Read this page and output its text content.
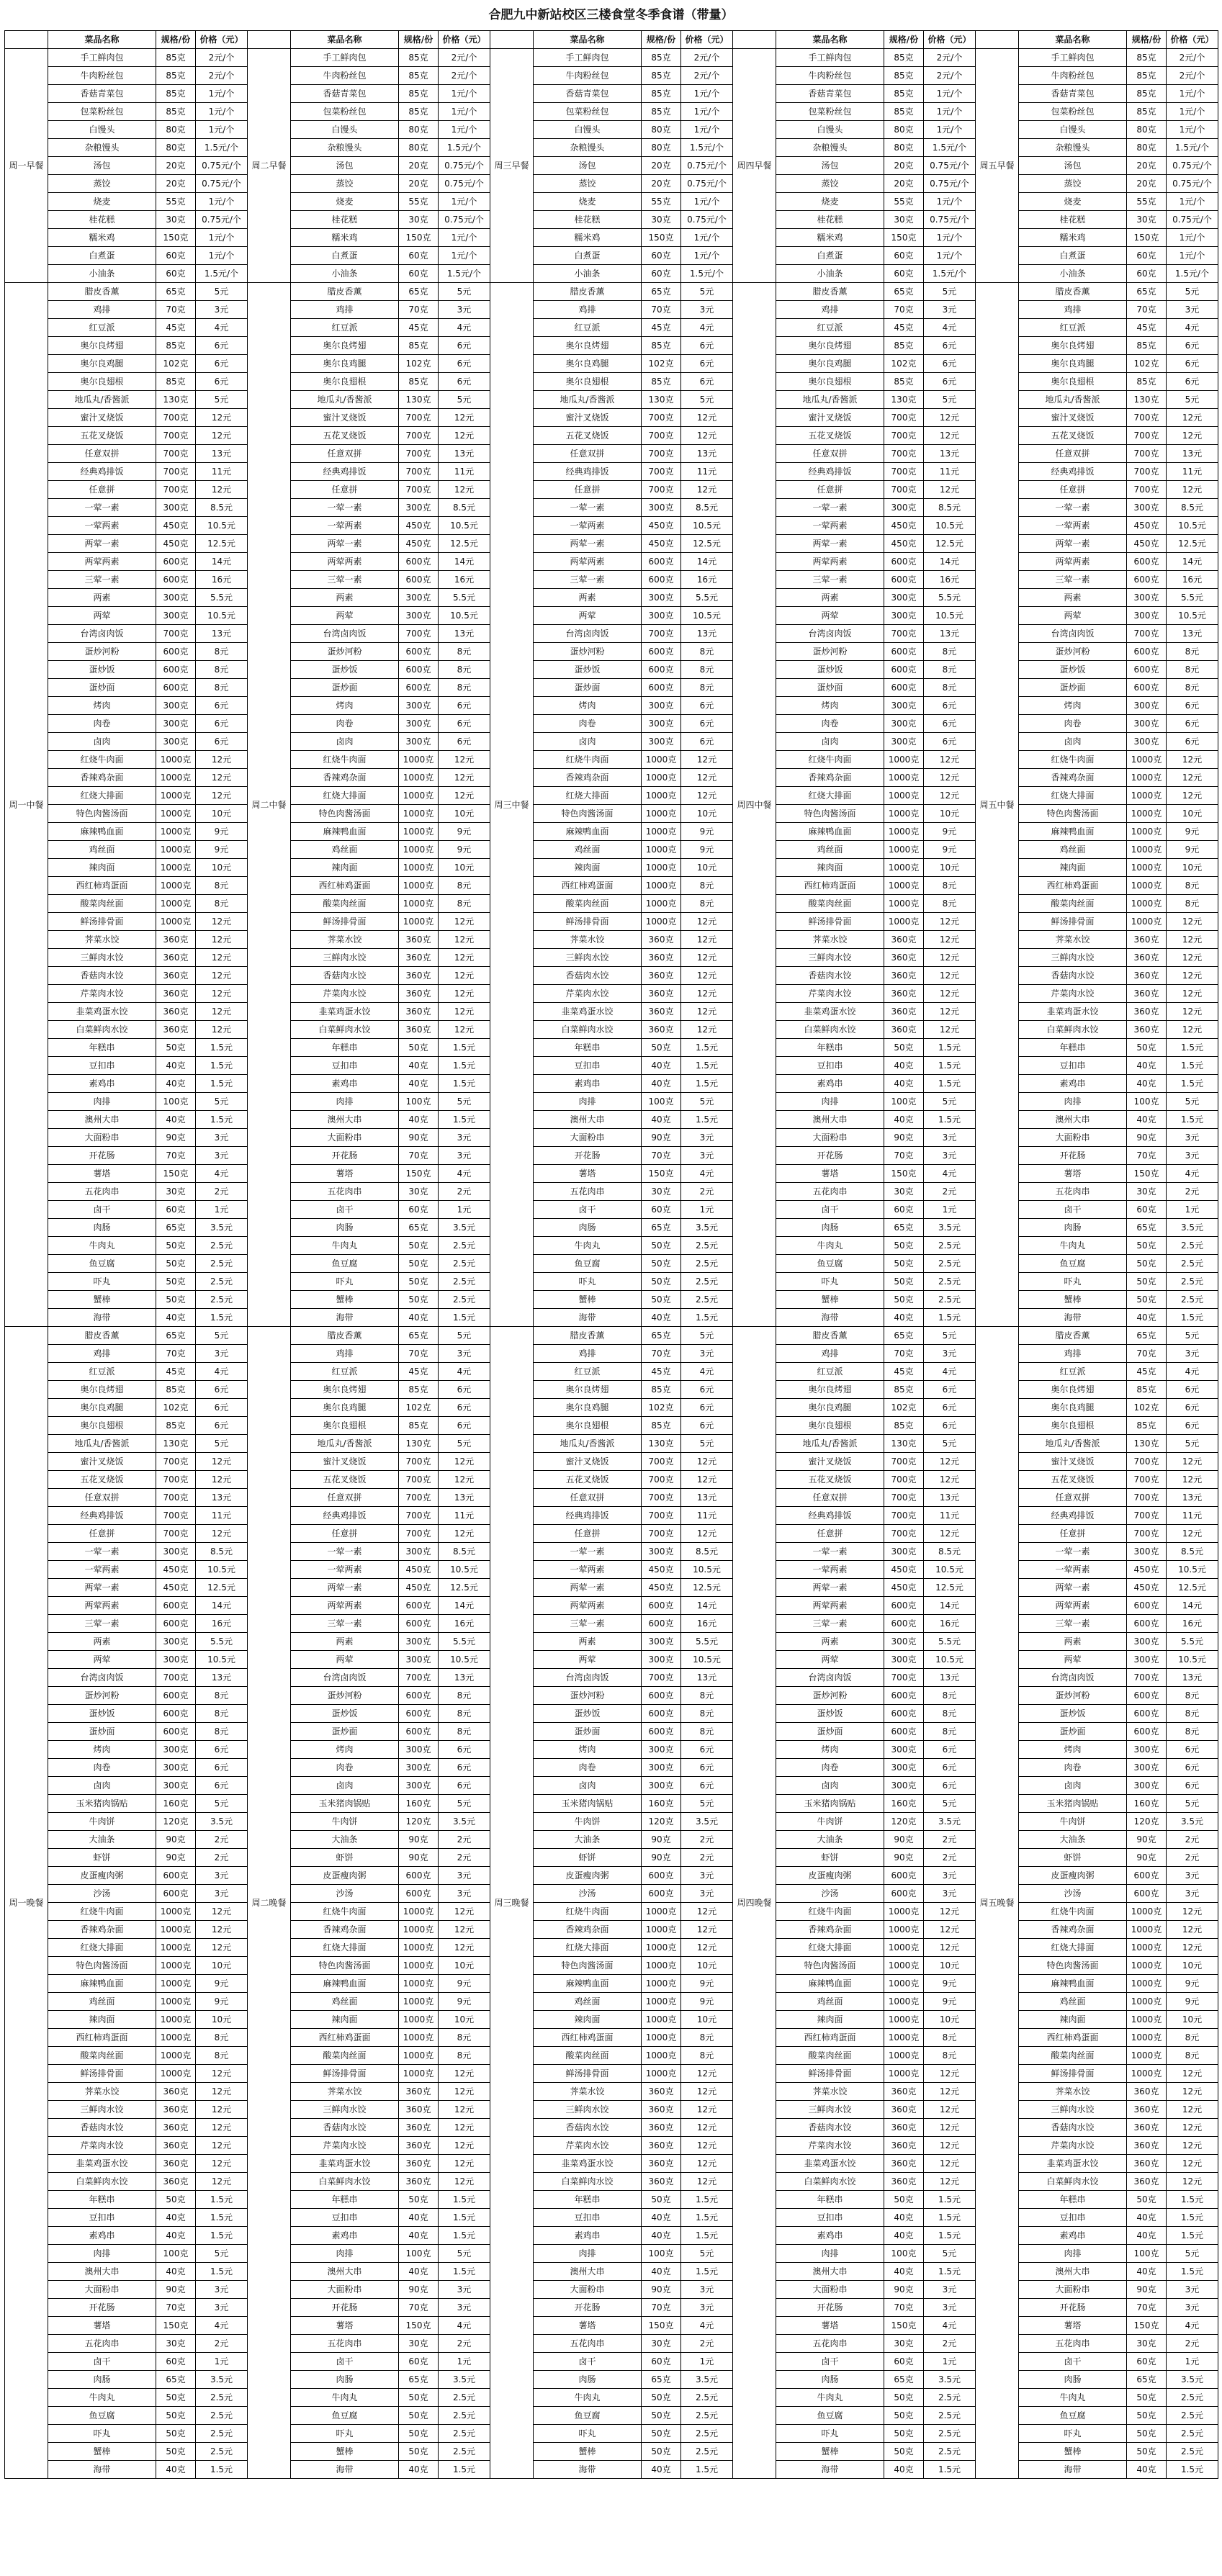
合肥九中新站校区三楼食堂冬季食谱（带量）
	菜品名称	规格/份	价格（元）		菜品名称	规格/份	价格（元）		菜品名称	规格/份	价格（元）		菜品名称	规格/份	价格（元）		菜品名称	规格/份	价格（元）
周一早餐	手工鲜肉包	85克	2元/个	周二早餐	手工鲜肉包	85克	2元/个	周三早餐	手工鲜肉包	85克	2元/个	周四早餐	手工鲜肉包	85克	2元/个	周五早餐	手工鲜肉包	85克	2元/个
	牛肉粉丝包	85克	2元/个		牛肉粉丝包	85克	2元/个		牛肉粉丝包	85克	2元/个		牛肉粉丝包	85克	2元/个		牛肉粉丝包	85克	2元/个
	香菇青菜包	85克	1元/个		香菇青菜包	85克	1元/个		香菇青菜包	85克	1元/个		香菇青菜包	85克	1元/个		香菇青菜包	85克	1元/个
	包菜粉丝包	85克	1元/个		包菜粉丝包	85克	1元/个		包菜粉丝包	85克	1元/个		包菜粉丝包	85克	1元/个		包菜粉丝包	85克	1元/个
	白馒头	80克	1元/个		白馒头	80克	1元/个		白馒头	80克	1元/个		白馒头	80克	1元/个		白馒头	80克	1元/个
	杂粮馒头	80克	1.5元/个		杂粮馒头	80克	1.5元/个		杂粮馒头	80克	1.5元/个		杂粮馒头	80克	1.5元/个		杂粮馒头	80克	1.5元/个
	汤包	20克	0.75元/个		汤包	20克	0.75元/个		汤包	20克	0.75元/个		汤包	20克	0.75元/个		汤包	20克	0.75元/个
	蒸饺	20克	0.75元/个		蒸饺	20克	0.75元/个		蒸饺	20克	0.75元/个		蒸饺	20克	0.75元/个		蒸饺	20克	0.75元/个
	烧麦	55克	1元/个		烧麦	55克	1元/个		烧麦	55克	1元/个		烧麦	55克	1元/个		烧麦	55克	1元/个
	桂花糕	30克	0.75元/个		桂花糕	30克	0.75元/个		桂花糕	30克	0.75元/个		桂花糕	30克	0.75元/个		桂花糕	30克	0.75元/个
	糯米鸡	150克	1元/个		糯米鸡	150克	1元/个		糯米鸡	150克	1元/个		糯米鸡	150克	1元/个		糯米鸡	150克	1元/个
	白煮蛋	60克	1元/个		白煮蛋	60克	1元/个		白煮蛋	60克	1元/个		白煮蛋	60克	1元/个		白煮蛋	60克	1元/个
	小油条	60克	1.5元/个		小油条	60克	1.5元/个		小油条	60克	1.5元/个		小油条	60克	1.5元/个		小油条	60克	1.5元/个
周一中餐	腊皮香薰	65克	5元	周二中餐	腊皮香薰	65克	5元	周三中餐	腊皮香薰	65克	5元	周四中餐	腊皮香薰	65克	5元	周五中餐	腊皮香薰	65克	5元
	鸡排	70克	3元		鸡排	70克	3元		鸡排	70克	3元		鸡排	70克	3元		鸡排	70克	3元
	红豆派	45克	4元		红豆派	45克	4元		红豆派	45克	4元		红豆派	45克	4元		红豆派	45克	4元
	奥尔良烤翅	85克	6元		奥尔良烤翅	85克	6元		奥尔良烤翅	85克	6元		奥尔良烤翅	85克	6元		奥尔良烤翅	85克	6元
	奥尔良鸡腿	102克	6元		奥尔良鸡腿	102克	6元		奥尔良鸡腿	102克	6元		奥尔良鸡腿	102克	6元		奥尔良鸡腿	102克	6元
	奥尔良翅根	85克	6元		奥尔良翅根	85克	6元		奥尔良翅根	85克	6元		奥尔良翅根	85克	6元		奥尔良翅根	85克	6元
	地瓜丸/香酱派	130克	5元		地瓜丸/香酱派	130克	5元		地瓜丸/香酱派	130克	5元		地瓜丸/香酱派	130克	5元		地瓜丸/香酱派	130克	5元
	蜜汁叉烧饭	700克	12元		蜜汁叉烧饭	700克	12元		蜜汁叉烧饭	700克	12元		蜜汁叉烧饭	700克	12元		蜜汁叉烧饭	700克	12元
	五花叉烧饭	700克	12元		五花叉烧饭	700克	12元		五花叉烧饭	700克	12元		五花叉烧饭	700克	12元		五花叉烧饭	700克	12元
	任意双拼	700克	13元		任意双拼	700克	13元		任意双拼	700克	13元		任意双拼	700克	13元		任意双拼	700克	13元
	经典鸡排饭	700克	11元		经典鸡排饭	700克	11元		经典鸡排饭	700克	11元		经典鸡排饭	700克	11元		经典鸡排饭	700克	11元
	任意拼	700克	12元		任意拼	700克	12元		任意拼	700克	12元		任意拼	700克	12元		任意拼	700克	12元
	一荤一素	300克	8.5元		一荤一素	300克	8.5元		一荤一素	300克	8.5元		一荤一素	300克	8.5元		一荤一素	300克	8.5元
	一荤两素	450克	10.5元		一荤两素	450克	10.5元		一荤两素	450克	10.5元		一荤两素	450克	10.5元		一荤两素	450克	10.5元
	两荤一素	450克	12.5元		两荤一素	450克	12.5元		两荤一素	450克	12.5元		两荤一素	450克	12.5元		两荤一素	450克	12.5元
	两荤两素	600克	14元		两荤两素	600克	14元		两荤两素	600克	14元		两荤两素	600克	14元		两荤两素	600克	14元
	三荤一素	600克	16元		三荤一素	600克	16元		三荤一素	600克	16元		三荤一素	600克	16元		三荤一素	600克	16元
	两素	300克	5.5元		两素	300克	5.5元		两素	300克	5.5元		两素	300克	5.5元		两素	300克	5.5元
	两荤	300克	10.5元		两荤	300克	10.5元		两荤	300克	10.5元		两荤	300克	10.5元		两荤	300克	10.5元
	台湾卤肉饭	700克	13元		台湾卤肉饭	700克	13元		台湾卤肉饭	700克	13元		台湾卤肉饭	700克	13元		台湾卤肉饭	700克	13元
	蛋炒河粉	600克	8元		蛋炒河粉	600克	8元		蛋炒河粉	600克	8元		蛋炒河粉	600克	8元		蛋炒河粉	600克	8元
	蛋炒饭	600克	8元		蛋炒饭	600克	8元		蛋炒饭	600克	8元		蛋炒饭	600克	8元		蛋炒饭	600克	8元
	蛋炒面	600克	8元		蛋炒面	600克	8元		蛋炒面	600克	8元		蛋炒面	600克	8元		蛋炒面	600克	8元
	烤肉	300克	6元		烤肉	300克	6元		烤肉	300克	6元		烤肉	300克	6元		烤肉	300克	6元
	肉卷	300克	6元		肉卷	300克	6元		肉卷	300克	6元		肉卷	300克	6元		肉卷	300克	6元
	卤肉	300克	6元		卤肉	300克	6元		卤肉	300克	6元		卤肉	300克	6元		卤肉	300克	6元
	红烧牛肉面	1000克	12元		红烧牛肉面	1000克	12元		红烧牛肉面	1000克	12元		红烧牛肉面	1000克	12元		红烧牛肉面	1000克	12元
	香辣鸡杂面	1000克	12元		香辣鸡杂面	1000克	12元		香辣鸡杂面	1000克	12元		香辣鸡杂面	1000克	12元		香辣鸡杂面	1000克	12元
	红烧大排面	1000克	12元		红烧大排面	1000克	12元		红烧大排面	1000克	12元		红烧大排面	1000克	12元		红烧大排面	1000克	12元
	特色肉酱汤面	1000克	10元		特色肉酱汤面	1000克	10元		特色肉酱汤面	1000克	10元		特色肉酱汤面	1000克	10元		特色肉酱汤面	1000克	10元
	麻辣鸭血面	1000克	9元		麻辣鸭血面	1000克	9元		麻辣鸭血面	1000克	9元		麻辣鸭血面	1000克	9元		麻辣鸭血面	1000克	9元
	鸡丝面	1000克	9元		鸡丝面	1000克	9元		鸡丝面	1000克	9元		鸡丝面	1000克	9元		鸡丝面	1000克	9元
	辣肉面	1000克	10元		辣肉面	1000克	10元		辣肉面	1000克	10元		辣肉面	1000克	10元		辣肉面	1000克	10元
	西红柿鸡蛋面	1000克	8元		西红柿鸡蛋面	1000克	8元		西红柿鸡蛋面	1000克	8元		西红柿鸡蛋面	1000克	8元		西红柿鸡蛋面	1000克	8元
	酸菜肉丝面	1000克	8元		酸菜肉丝面	1000克	8元		酸菜肉丝面	1000克	8元		酸菜肉丝面	1000克	8元		酸菜肉丝面	1000克	8元
	鲜汤排骨面	1000克	12元		鲜汤排骨面	1000克	12元		鲜汤排骨面	1000克	12元		鲜汤排骨面	1000克	12元		鲜汤排骨面	1000克	12元
	荠菜水饺	360克	12元		荠菜水饺	360克	12元		荠菜水饺	360克	12元		荠菜水饺	360克	12元		荠菜水饺	360克	12元
	三鲜肉水饺	360克	12元		三鲜肉水饺	360克	12元		三鲜肉水饺	360克	12元		三鲜肉水饺	360克	12元		三鲜肉水饺	360克	12元
	香菇肉水饺	360克	12元		香菇肉水饺	360克	12元		香菇肉水饺	360克	12元		香菇肉水饺	360克	12元		香菇肉水饺	360克	12元
	芹菜肉水饺	360克	12元		芹菜肉水饺	360克	12元		芹菜肉水饺	360克	12元		芹菜肉水饺	360克	12元		芹菜肉水饺	360克	12元
	韭菜鸡蛋水饺	360克	12元		韭菜鸡蛋水饺	360克	12元		韭菜鸡蛋水饺	360克	12元		韭菜鸡蛋水饺	360克	12元		韭菜鸡蛋水饺	360克	12元
	白菜鲜肉水饺	360克	12元		白菜鲜肉水饺	360克	12元		白菜鲜肉水饺	360克	12元		白菜鲜肉水饺	360克	12元		白菜鲜肉水饺	360克	12元
	年糕串	50克	1.5元		年糕串	50克	1.5元		年糕串	50克	1.5元		年糕串	50克	1.5元		年糕串	50克	1.5元
	豆扣串	40克	1.5元		豆扣串	40克	1.5元		豆扣串	40克	1.5元		豆扣串	40克	1.5元		豆扣串	40克	1.5元
	素鸡串	40克	1.5元		素鸡串	40克	1.5元		素鸡串	40克	1.5元		素鸡串	40克	1.5元		素鸡串	40克	1.5元
	肉排	100克	5元		肉排	100克	5元		肉排	100克	5元		肉排	100克	5元		肉排	100克	5元
	澳州大串	40克	1.5元		澳州大串	40克	1.5元		澳州大串	40克	1.5元		澳州大串	40克	1.5元		澳州大串	40克	1.5元
	大面粉串	90克	3元		大面粉串	90克	3元		大面粉串	90克	3元		大面粉串	90克	3元		大面粉串	90克	3元
	开花肠	70克	3元		开花肠	70克	3元		开花肠	70克	3元		开花肠	70克	3元		开花肠	70克	3元
	薯塔	150克	4元		薯塔	150克	4元		薯塔	150克	4元		薯塔	150克	4元		薯塔	150克	4元
	五花肉串	30克	2元		五花肉串	30克	2元		五花肉串	30克	2元		五花肉串	30克	2元		五花肉串	30克	2元
	卤干	60克	1元		卤干	60克	1元		卤干	60克	1元		卤干	60克	1元		卤干	60克	1元
	肉肠	65克	3.5元		肉肠	65克	3.5元		肉肠	65克	3.5元		肉肠	65克	3.5元		肉肠	65克	3.5元
	牛肉丸	50克	2.5元		牛肉丸	50克	2.5元		牛肉丸	50克	2.5元		牛肉丸	50克	2.5元		牛肉丸	50克	2.5元
	鱼豆腐	50克	2.5元		鱼豆腐	50克	2.5元		鱼豆腐	50克	2.5元		鱼豆腐	50克	2.5元		鱼豆腐	50克	2.5元
	吓丸	50克	2.5元		吓丸	50克	2.5元		吓丸	50克	2.5元		吓丸	50克	2.5元		吓丸	50克	2.5元
	蟹棒	50克	2.5元		蟹棒	50克	2.5元		蟹棒	50克	2.5元		蟹棒	50克	2.5元		蟹棒	50克	2.5元
	海带	40克	1.5元		海带	40克	1.5元		海带	40克	1.5元		海带	40克	1.5元		海带	40克	1.5元
周一晚餐	腊皮香薰	65克	5元	周二晚餐	腊皮香薰	65克	5元	周三晚餐	腊皮香薰	65克	5元	周四晚餐	腊皮香薰	65克	5元	周五晚餐	腊皮香薰	65克	5元
	鸡排	70克	3元		鸡排	70克	3元		鸡排	70克	3元		鸡排	70克	3元		鸡排	70克	3元
	红豆派	45克	4元		红豆派	45克	4元		红豆派	45克	4元		红豆派	45克	4元		红豆派	45克	4元
	奥尔良烤翅	85克	6元		奥尔良烤翅	85克	6元		奥尔良烤翅	85克	6元		奥尔良烤翅	85克	6元		奥尔良烤翅	85克	6元
	奥尔良鸡腿	102克	6元		奥尔良鸡腿	102克	6元		奥尔良鸡腿	102克	6元		奥尔良鸡腿	102克	6元		奥尔良鸡腿	102克	6元
	奥尔良翅根	85克	6元		奥尔良翅根	85克	6元		奥尔良翅根	85克	6元		奥尔良翅根	85克	6元		奥尔良翅根	85克	6元
	地瓜丸/香酱派	130克	5元		地瓜丸/香酱派	130克	5元		地瓜丸/香酱派	130克	5元		地瓜丸/香酱派	130克	5元		地瓜丸/香酱派	130克	5元
	蜜汁叉烧饭	700克	12元		蜜汁叉烧饭	700克	12元		蜜汁叉烧饭	700克	12元		蜜汁叉烧饭	700克	12元		蜜汁叉烧饭	700克	12元
	五花叉烧饭	700克	12元		五花叉烧饭	700克	12元		五花叉烧饭	700克	12元		五花叉烧饭	700克	12元		五花叉烧饭	700克	12元
	任意双拼	700克	13元		任意双拼	700克	13元		任意双拼	700克	13元		任意双拼	700克	13元		任意双拼	700克	13元
	经典鸡排饭	700克	11元		经典鸡排饭	700克	11元		经典鸡排饭	700克	11元		经典鸡排饭	700克	11元		经典鸡排饭	700克	11元
	任意拼	700克	12元		任意拼	700克	12元		任意拼	700克	12元		任意拼	700克	12元		任意拼	700克	12元
	一荤一素	300克	8.5元		一荤一素	300克	8.5元		一荤一素	300克	8.5元		一荤一素	300克	8.5元		一荤一素	300克	8.5元
	一荤两素	450克	10.5元		一荤两素	450克	10.5元		一荤两素	450克	10.5元		一荤两素	450克	10.5元		一荤两素	450克	10.5元
	两荤一素	450克	12.5元		两荤一素	450克	12.5元		两荤一素	450克	12.5元		两荤一素	450克	12.5元		两荤一素	450克	12.5元
	两荤两素	600克	14元		两荤两素	600克	14元		两荤两素	600克	14元		两荤两素	600克	14元		两荤两素	600克	14元
	三荤一素	600克	16元		三荤一素	600克	16元		三荤一素	600克	16元		三荤一素	600克	16元		三荤一素	600克	16元
	两素	300克	5.5元		两素	300克	5.5元		两素	300克	5.5元		两素	300克	5.5元		两素	300克	5.5元
	两荤	300克	10.5元		两荤	300克	10.5元		两荤	300克	10.5元		两荤	300克	10.5元		两荤	300克	10.5元
	台湾卤肉饭	700克	13元		台湾卤肉饭	700克	13元		台湾卤肉饭	700克	13元		台湾卤肉饭	700克	13元		台湾卤肉饭	700克	13元
	蛋炒河粉	600克	8元		蛋炒河粉	600克	8元		蛋炒河粉	600克	8元		蛋炒河粉	600克	8元		蛋炒河粉	600克	8元
	蛋炒饭	600克	8元		蛋炒饭	600克	8元		蛋炒饭	600克	8元		蛋炒饭	600克	8元		蛋炒饭	600克	8元
	蛋炒面	600克	8元		蛋炒面	600克	8元		蛋炒面	600克	8元		蛋炒面	600克	8元		蛋炒面	600克	8元
	烤肉	300克	6元		烤肉	300克	6元		烤肉	300克	6元		烤肉	300克	6元		烤肉	300克	6元
	肉卷	300克	6元		肉卷	300克	6元		肉卷	300克	6元		肉卷	300克	6元		肉卷	300克	6元
	卤肉	300克	6元		卤肉	300克	6元		卤肉	300克	6元		卤肉	300克	6元		卤肉	300克	6元
	玉米猪肉锅贴	160克	5元		玉米猪肉锅贴	160克	5元		玉米猪肉锅贴	160克	5元		玉米猪肉锅贴	160克	5元		玉米猪肉锅贴	160克	5元
	牛肉饼	120克	3.5元		牛肉饼	120克	3.5元		牛肉饼	120克	3.5元		牛肉饼	120克	3.5元		牛肉饼	120克	3.5元
	大油条	90克	2元		大油条	90克	2元		大油条	90克	2元		大油条	90克	2元		大油条	90克	2元
	虾饼	90克	2元		虾饼	90克	2元		虾饼	90克	2元		虾饼	90克	2元		虾饼	90克	2元
	皮蛋瘦肉粥	600克	3元		皮蛋瘦肉粥	600克	3元		皮蛋瘦肉粥	600克	3元		皮蛋瘦肉粥	600克	3元		皮蛋瘦肉粥	600克	3元
	沙汤	600克	3元		沙汤	600克	3元		沙汤	600克	3元		沙汤	600克	3元		沙汤	600克	3元
	红烧牛肉面	1000克	12元		红烧牛肉面	1000克	12元		红烧牛肉面	1000克	12元		红烧牛肉面	1000克	12元		红烧牛肉面	1000克	12元
	香辣鸡杂面	1000克	12元		香辣鸡杂面	1000克	12元		香辣鸡杂面	1000克	12元		香辣鸡杂面	1000克	12元		香辣鸡杂面	1000克	12元
	红烧大排面	1000克	12元		红烧大排面	1000克	12元		红烧大排面	1000克	12元		红烧大排面	1000克	12元		红烧大排面	1000克	12元
	特色肉酱汤面	1000克	10元		特色肉酱汤面	1000克	10元		特色肉酱汤面	1000克	10元		特色肉酱汤面	1000克	10元		特色肉酱汤面	1000克	10元
	麻辣鸭血面	1000克	9元		麻辣鸭血面	1000克	9元		麻辣鸭血面	1000克	9元		麻辣鸭血面	1000克	9元		麻辣鸭血面	1000克	9元
	鸡丝面	1000克	9元		鸡丝面	1000克	9元		鸡丝面	1000克	9元		鸡丝面	1000克	9元		鸡丝面	1000克	9元
	辣肉面	1000克	10元		辣肉面	1000克	10元		辣肉面	1000克	10元		辣肉面	1000克	10元		辣肉面	1000克	10元
	西红柿鸡蛋面	1000克	8元		西红柿鸡蛋面	1000克	8元		西红柿鸡蛋面	1000克	8元		西红柿鸡蛋面	1000克	8元		西红柿鸡蛋面	1000克	8元
	酸菜肉丝面	1000克	8元		酸菜肉丝面	1000克	8元		酸菜肉丝面	1000克	8元		酸菜肉丝面	1000克	8元		酸菜肉丝面	1000克	8元
	鲜汤排骨面	1000克	12元		鲜汤排骨面	1000克	12元		鲜汤排骨面	1000克	12元		鲜汤排骨面	1000克	12元		鲜汤排骨面	1000克	12元
	荠菜水饺	360克	12元		荠菜水饺	360克	12元		荠菜水饺	360克	12元		荠菜水饺	360克	12元		荠菜水饺	360克	12元
	三鲜肉水饺	360克	12元		三鲜肉水饺	360克	12元		三鲜肉水饺	360克	12元		三鲜肉水饺	360克	12元		三鲜肉水饺	360克	12元
	香菇肉水饺	360克	12元		香菇肉水饺	360克	12元		香菇肉水饺	360克	12元		香菇肉水饺	360克	12元		香菇肉水饺	360克	12元
	芹菜肉水饺	360克	12元		芹菜肉水饺	360克	12元		芹菜肉水饺	360克	12元		芹菜肉水饺	360克	12元		芹菜肉水饺	360克	12元
	韭菜鸡蛋水饺	360克	12元		韭菜鸡蛋水饺	360克	12元		韭菜鸡蛋水饺	360克	12元		韭菜鸡蛋水饺	360克	12元		韭菜鸡蛋水饺	360克	12元
	白菜鲜肉水饺	360克	12元		白菜鲜肉水饺	360克	12元		白菜鲜肉水饺	360克	12元		白菜鲜肉水饺	360克	12元		白菜鲜肉水饺	360克	12元
	年糕串	50克	1.5元		年糕串	50克	1.5元		年糕串	50克	1.5元		年糕串	50克	1.5元		年糕串	50克	1.5元
	豆扣串	40克	1.5元		豆扣串	40克	1.5元		豆扣串	40克	1.5元		豆扣串	40克	1.5元		豆扣串	40克	1.5元
	素鸡串	40克	1.5元		素鸡串	40克	1.5元		素鸡串	40克	1.5元		素鸡串	40克	1.5元		素鸡串	40克	1.5元
	肉排	100克	5元		肉排	100克	5元		肉排	100克	5元		肉排	100克	5元		肉排	100克	5元
	澳州大串	40克	1.5元		澳州大串	40克	1.5元		澳州大串	40克	1.5元		澳州大串	40克	1.5元		澳州大串	40克	1.5元
	大面粉串	90克	3元		大面粉串	90克	3元		大面粉串	90克	3元		大面粉串	90克	3元		大面粉串	90克	3元
	开花肠	70克	3元		开花肠	70克	3元		开花肠	70克	3元		开花肠	70克	3元		开花肠	70克	3元
	薯塔	150克	4元		薯塔	150克	4元		薯塔	150克	4元		薯塔	150克	4元		薯塔	150克	4元
	五花肉串	30克	2元		五花肉串	30克	2元		五花肉串	30克	2元		五花肉串	30克	2元		五花肉串	30克	2元
	卤干	60克	1元		卤干	60克	1元		卤干	60克	1元		卤干	60克	1元		卤干	60克	1元
	肉肠	65克	3.5元		肉肠	65克	3.5元		肉肠	65克	3.5元		肉肠	65克	3.5元		肉肠	65克	3.5元
	牛肉丸	50克	2.5元		牛肉丸	50克	2.5元		牛肉丸	50克	2.5元		牛肉丸	50克	2.5元		牛肉丸	50克	2.5元
	鱼豆腐	50克	2.5元		鱼豆腐	50克	2.5元		鱼豆腐	50克	2.5元		鱼豆腐	50克	2.5元		鱼豆腐	50克	2.5元
	吓丸	50克	2.5元		吓丸	50克	2.5元		吓丸	50克	2.5元		吓丸	50克	2.5元		吓丸	50克	2.5元
	蟹棒	50克	2.5元		蟹棒	50克	2.5元		蟹棒	50克	2.5元		蟹棒	50克	2.5元		蟹棒	50克	2.5元
	海带	40克	1.5元		海带	40克	1.5元		海带	40克	1.5元		海带	40克	1.5元		海带	40克	1.5元
